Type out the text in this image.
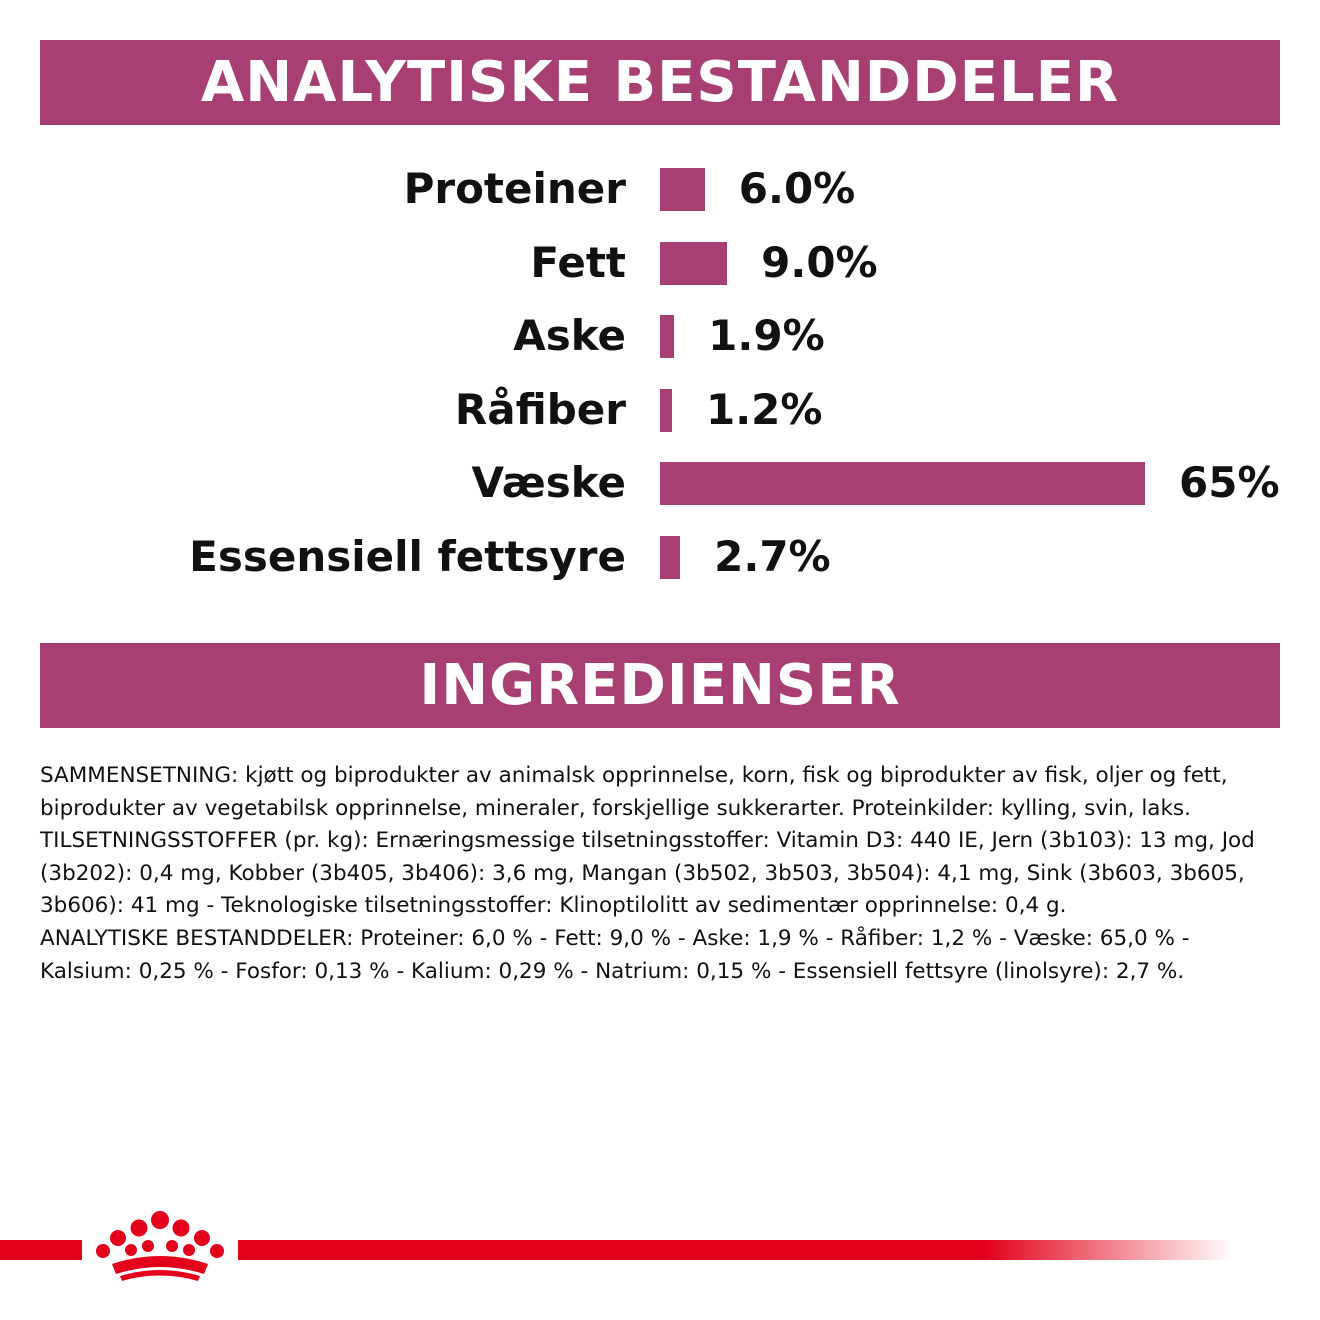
ANALYTISKE BESTANDDELER
Proteiner	6.0%
Fett	9.0%
Aske 1.9%
Råfiber 1.2%
Væske	65%
Essensiell fettsyre 2.7%
INGREDIENSER

SAMMENSETNING: kjøtt og biprodukter av animalsk opprinnelse, korn, fisk og biprodukter av fisk, oljer og fett, biprodukter av vegetabilsk opprinnelse, mineraler, forskjellige sukkerarter. Proteinkilder: kylling, svin, laks.

TILSETNINGSSTOFFER (pr. kg): Ernæringsmessige tilsetningsstoffer: Vitamin D3: 440 IE, Jern (3b103): 13 mg, Jod (3b202): 0,4 mg, Kobber (3b405, 3b406): 3,6 mg, Mangan (3b502, 3b503, 3b504): 4,1 mg, Sink (3b603, 3b605, 3b606): 41 mg - Teknologiske tilsetningsstoffer: Klinoptilolitt av sedimentær opprinnelse: 0,4 g.

ANALYTISKE BESTANDDELER: Proteiner: 6,0 % - Fett: 9,0 % - Aske: 1,9 % - Råfiber: 1,2 % - Væske: 65,0 % - Kalsium: 0,25 % - Fosfor: 0,13 % - Kalium: 0,29 % - Natrium: 0,15 % - Essensiell fettsyre (linolsyre): 2,7 %.
